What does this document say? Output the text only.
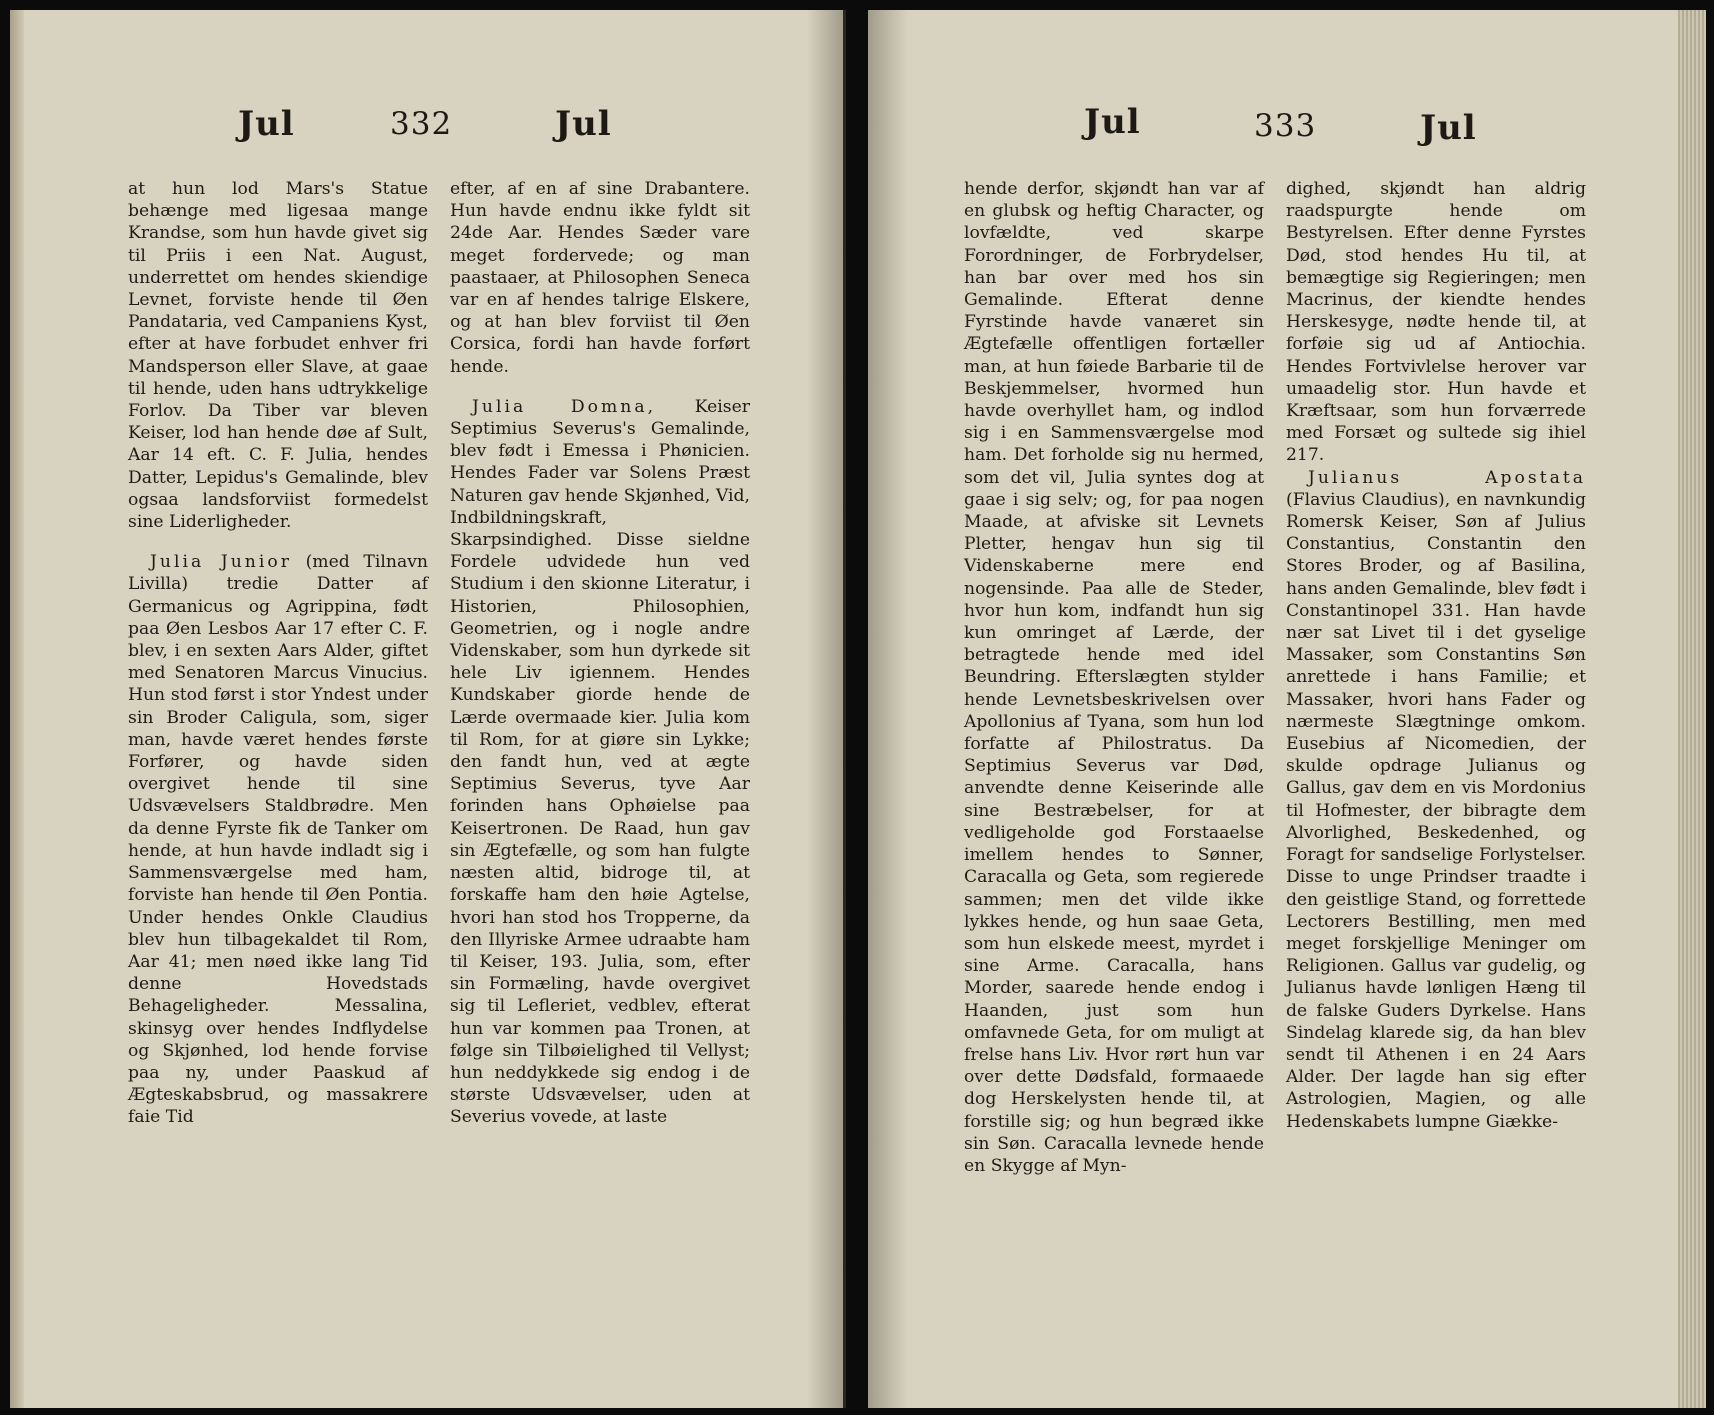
Jul	332	Jul

at hun lod Mars's Statue behænge med ligesaa mange Krandse, som hun havde givet sig til Priis i een Nat. August, underrettet om hendes skiendige Levnet, forviste hende til Øen Pandataria, ved Campaniens Kyst, efter at have forbudet enhver fri Mandsperson eller Slave, at gaae til hende, uden hans udtrykkelige Forlov. Da Tiber var bleven Keiser, lod han hende døe af Sult, Aar 14 eft. C. F. Julia, hendes Datter, Lepidus's Gemalinde, blev ogsaa landsforviist formedelst sine Liderligheder.

Julia Junior (med Tilnavn Livilla) tredie Datter af Germanicus og Agrippina, født paa Øen Lesbos Aar 17 efter C. F. blev, i en sexten Aars Alder, giftet med Senatoren Marcus Vinucius. Hun stod først i stor Yndest under sin Broder Caligula, som, siger man, havde været hendes første Forfører, og havde siden overgivet hende til sine Udsvævelsers Staldbrødre. Men da denne Fyrste fik de Tanker om hende, at hun havde indladt sig i Sammensværgelse med ham, forviste han hende til Øen Pontia. Under hendes Onkle Claudius blev hun tilbagekaldet til Rom, Aar 41; men nøed ikke lang Tid denne Hovedstads Behageligheder. Messalina, skinsyg over hendes Indflydelse og Skjønhed, lod hende forvise paa ny, under Paaskud af Ægteskabsbrud, og massakrere faie Tid

efter, af en af sine Drabantere. Hun havde endnu ikke fyldt sit 24de Aar. Hendes Sæder vare meget fordervede; og man paastaaer, at Philosophen Seneca var en af hendes talrige Elskere, og at han blev forviist til Øen Corsica, fordi han havde forført hende.

Julia Domna, Keiser Septimius Severus's Gemalinde, blev født i Emessa i Phønicien. Hendes Fader var Solens Præst Naturen gav hende Skjønhed, Vid, Indbildningskraft, Skarpsindighed. Disse sieldne Fordele udvidede hun ved Studium i den skionne Literatur, i Historien, Philosophien, Geometrien, og i nogle andre Videnskaber, som hun dyrkede sit hele Liv igiennem. Hendes Kundskaber giorde hende de Lærde overmaade kier. Julia kom til Rom, for at giøre sin Lykke; den fandt hun, ved at ægte Septimius Severus, tyve Aar forinden hans Ophøielse paa Keisertronen. De Raad, hun gav sin Ægtefælle, og som han fulgte næsten altid, bidroge til, at forskaffe ham den høie Agtelse, hvori han stod hos Tropperne, da den Illyriske Armee udraabte ham til Keiser, 193. Julia, som, efter sin Formæling, havde overgivet sig til Lefleriet, vedblev, efterat hun var kommen paa Tronen, at følge sin Tilbøielighed til Vellyst; hun neddykkede sig endog i de største Udsvævelser, uden at Severius vovede, at laste

Jul	333	Jul

hende derfor, skjøndt han var af en glubsk og heftig Character, og lovfældte, ved skarpe Forordninger, de Forbrydelser, han bar over med hos sin Gemalinde. Efterat denne Fyrstinde havde vanæret sin Ægtefælle offentligen fortæller man, at hun føiede Barbarie til de Beskjemmelser, hvormed hun havde overhyllet ham, og indlod sig i en Sammensværgelse mod ham. Det forholde sig nu hermed, som det vil, Julia syntes dog at gaae i sig selv; og, for paa nogen Maade, at afviske sit Levnets Pletter, hengav hun sig til Videnskaberne mere end nogensinde. Paa alle de Steder, hvor hun kom, indfandt hun sig kun omringet af Lærde, der betragtede hende med idel Beundring. Efterslægten stylder hende Levnetsbeskrivelsen over Apollonius af Tyana, som hun lod forfatte af Philostratus. Da Septimius Severus var Død, anvendte denne Keiserinde alle sine Bestræbelser, for at vedligeholde god Forstaaelse imellem hendes to Sønner, Caracalla og Geta, som regierede sammen; men det vilde ikke lykkes hende, og hun saae Geta, som hun elskede meest, myrdet i sine Arme. Caracalla, hans Morder, saarede hende endog i Haanden, just som hun omfavnede Geta, for om muligt at frelse hans Liv. Hvor rørt hun var over dette Dødsfald, formaaede dog Herskelysten hende til, at forstille sig; og hun begræd ikke sin Søn. Caracalla levnede hende en Skygge af Myn-

dighed, skjøndt han aldrig raadspurgte hende om Bestyrelsen. Efter denne Fyrstes Død, stod hendes Hu til, at bemægtige sig Regieringen; men Macrinus, der kiendte hendes Herskesyge, nødte hende til, at forføie sig ud af Antiochia. Hendes Fortvivlelse herover var umaadelig stor. Hun havde et Kræftsaar, som hun forværrede med Forsæt og sultede sig ihiel 217.

Julianus Apostata (Flavius Claudius), en navnkundig Romersk Keiser, Søn af Julius Constantius, Constantin den Stores Broder, og af Basilina, hans anden Gemalinde, blev født i Constantinopel 331. Han havde nær sat Livet til i det gyselige Massaker, som Constantins Søn anrettede i hans Familie; et Massaker, hvori hans Fader og nærmeste Slægtninge omkom. Eusebius af Nicomedien, der skulde opdrage Julianus og Gallus, gav dem en vis Mordonius til Hofmester, der bibragte dem Alvorlighed, Beskedenhed, og Foragt for sandselige Forlystelser. Disse to unge Prindser traadte i den geistlige Stand, og forrettede Lectorers Bestilling, men med meget forskjellige Meninger om Religionen. Gallus var gudelig, og Julianus havde lønligen Hæng til de falske Guders Dyrkelse. Hans Sindelag klarede sig, da han blev sendt til Athenen i en 24 Aars Alder. Der lagde han sig efter Astrologien, Magien, og alle Hedenskabets lumpne Giække-
